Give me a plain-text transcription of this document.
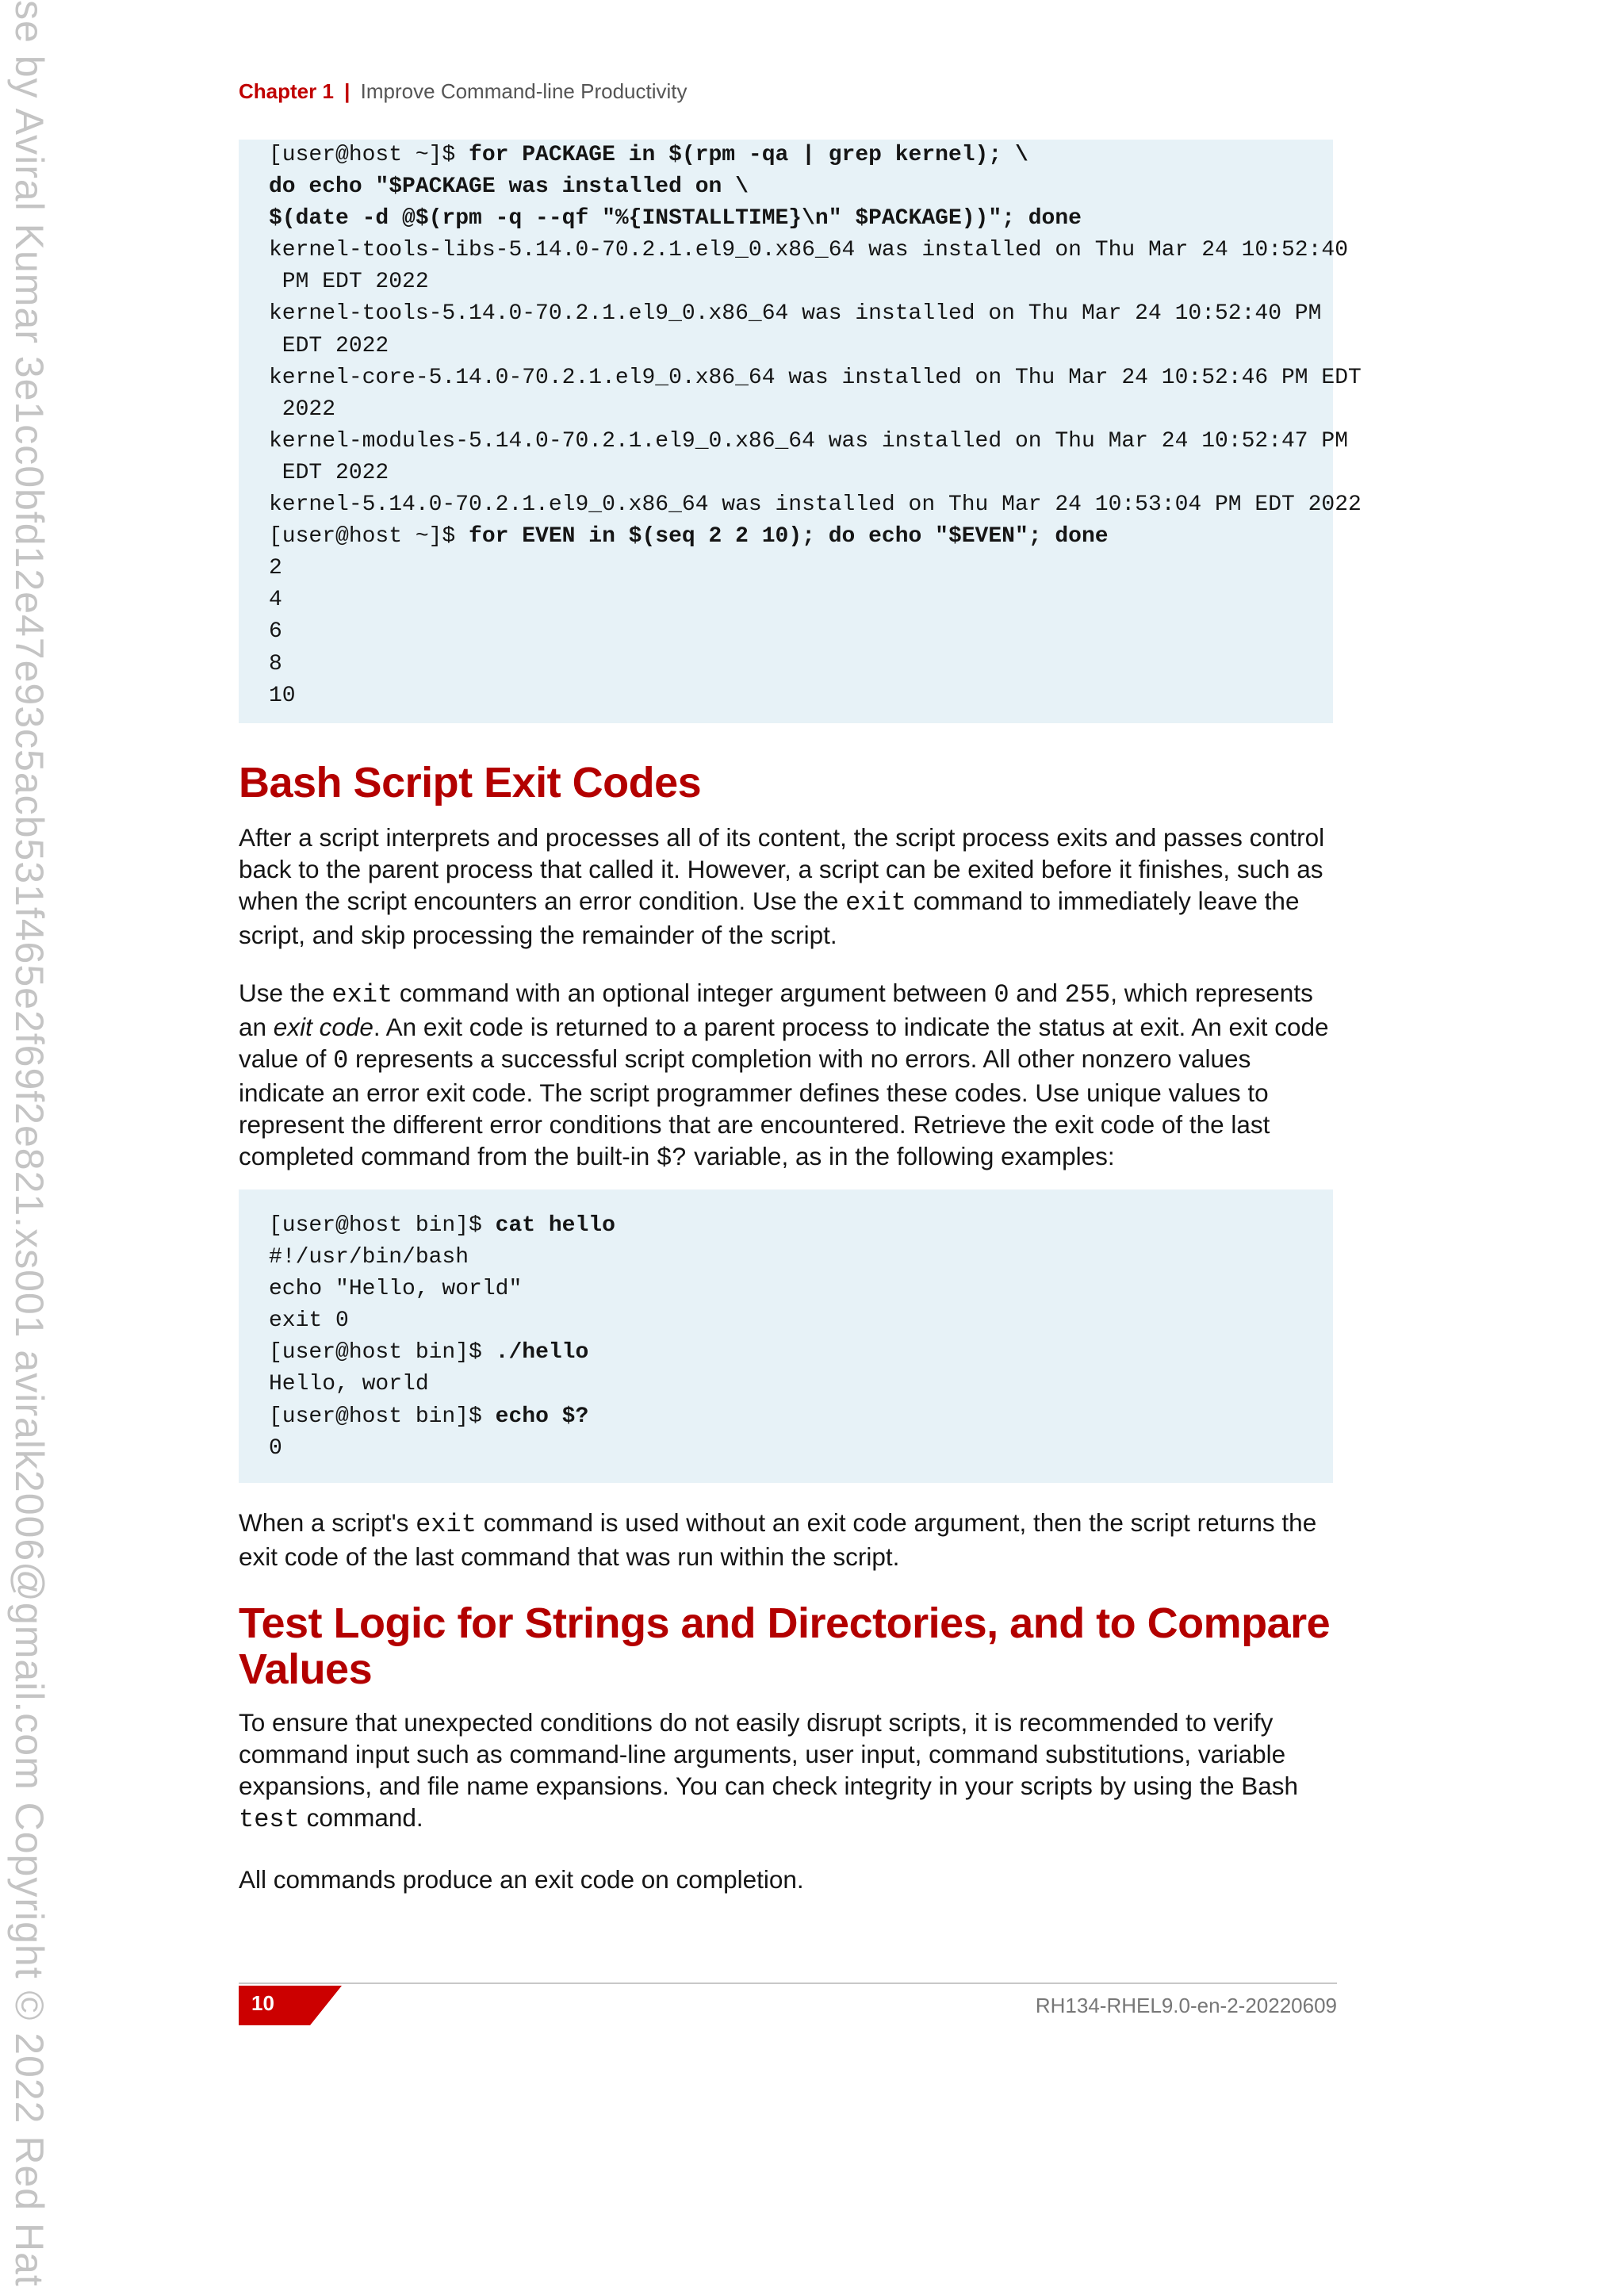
se by Aviral Kumar 3e1cc0bfd12e47e93c5acb531f465e2f69f2e821.xs001 aviralk2006@gmail.com Copyright © 2022 Red Hat	Chapter 1 | Improve Command-line Productivity
[user@host ~]$ for PACKAGE in $(rpm -qa | grep kernel); \
do echo "$PACKAGE was installed on \
$(date -d @$(rpm -q --qf "%{INSTALLTIME}\n" $PACKAGE))"; done
kernel-tools-libs-5.14.0-70.2.1.el9_0.x86_64 was installed on Thu Mar 24 10:52:40
PM EDT 2022
kernel-tools-5.14.0-70.2.1.el9_0.x86_64 was installed on Thu Mar 24 10:52:40 PM
EDT 2022
kernel-core-5.14.0-70.2.1.el9_0.x86_64 was installed on Thu Mar 24 10:52:46 PM EDT
2022
kernel-modules-5.14.0-70.2.1.el9_0.x86_64 was installed on Thu Mar 24 10:52:47 PM
EDT 2022
kernel-5.14.0-70.2.1.el9_0.x86_64 was installed on Thu Mar 24 10:53:04 PM EDT 2022
[user@host ~]$ for EVEN in $(seq 2 2 10); do echo "$EVEN"; done
2
4
6
8
10
Bash Script Exit Codes
After a script interprets and processes all of its content, the script process exits and passes control back to the parent process that called it. However, a script can be exited before it finishes, such as when the script encounters an error condition. Use the exit command to immediately leave the script, and skip processing the remainder of the script.
Use the exit command with an optional integer argument between 0 and 255, which represents an exit code. An exit code is returned to a parent process to indicate the status at exit. An exit code value of 0 represents a successful script completion with no errors. All other nonzero values indicate an error exit code. The script programmer defines these codes. Use unique values to represent the different error conditions that are encountered. Retrieve the exit code of the last completed command from the built-in $? variable, as in the following examples:
[user@host bin]$ cat hello
#!/usr/bin/bash
echo "Hello, world"
exit 0
[user@host bin]$ ./hello
Hello, world
[user@host bin]$ echo $?
0
When a script's exit command is used without an exit code argument, then the script returns the exit code of the last command that was run within the script.
Test Logic for Strings and Directories, and to Compare Values
To ensure that unexpected conditions do not easily disrupt scripts, it is recommended to verify command input such as command-line arguments, user input, command substitutions, variable expansions, and file name expansions. You can check integrity in your scripts by using the Bash test command.
All commands produce an exit code on completion.
10	RH134-RHEL9.0-en-2-20220609
